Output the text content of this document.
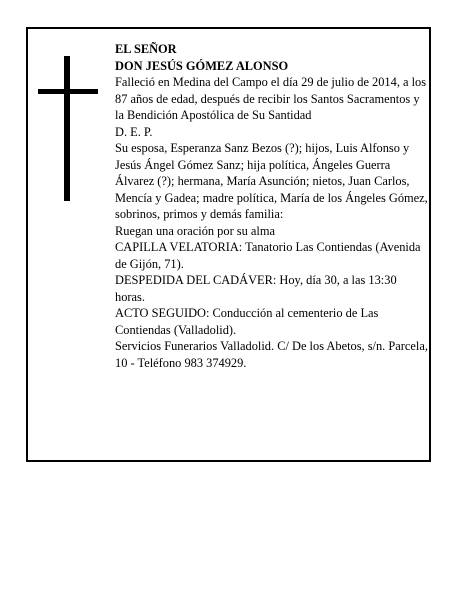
EL SEÑOR

DON JESÚS GÓMEZ ALONSO

Falleció en Medina del Campo el día 29 de julio de 2014, a los 87 años de edad, después de recibir los Santos Sacramentos y la Bendición Apostólica de Su Santidad

D. E. P.

Su esposa, Esperanza Sanz Bezos (?); hijos, Luis Alfonso y Jesús Ángel Gómez Sanz; hija política, Ángeles Guerra Álvarez (?); hermana, María Asunción; nietos, Juan Carlos, Mencía y Gadea; madre política, María de los Ángeles Gómez, sobrinos, primos y demás familia:

Ruegan una oración por su alma

CAPILLA VELATORIA: Tanatorio Las Contiendas (Avenida de Gijón, 71).

DESPEDIDA DEL CADÁVER: Hoy, día 30, a las 13:30 horas.

ACTO SEGUIDO: Conducción al cementerio de Las Contiendas (Valladolid).

Servicios Funerarios Valladolid. C/ De los Abetos, s/n. Parcela, 10 - Teléfono 983 374929.
